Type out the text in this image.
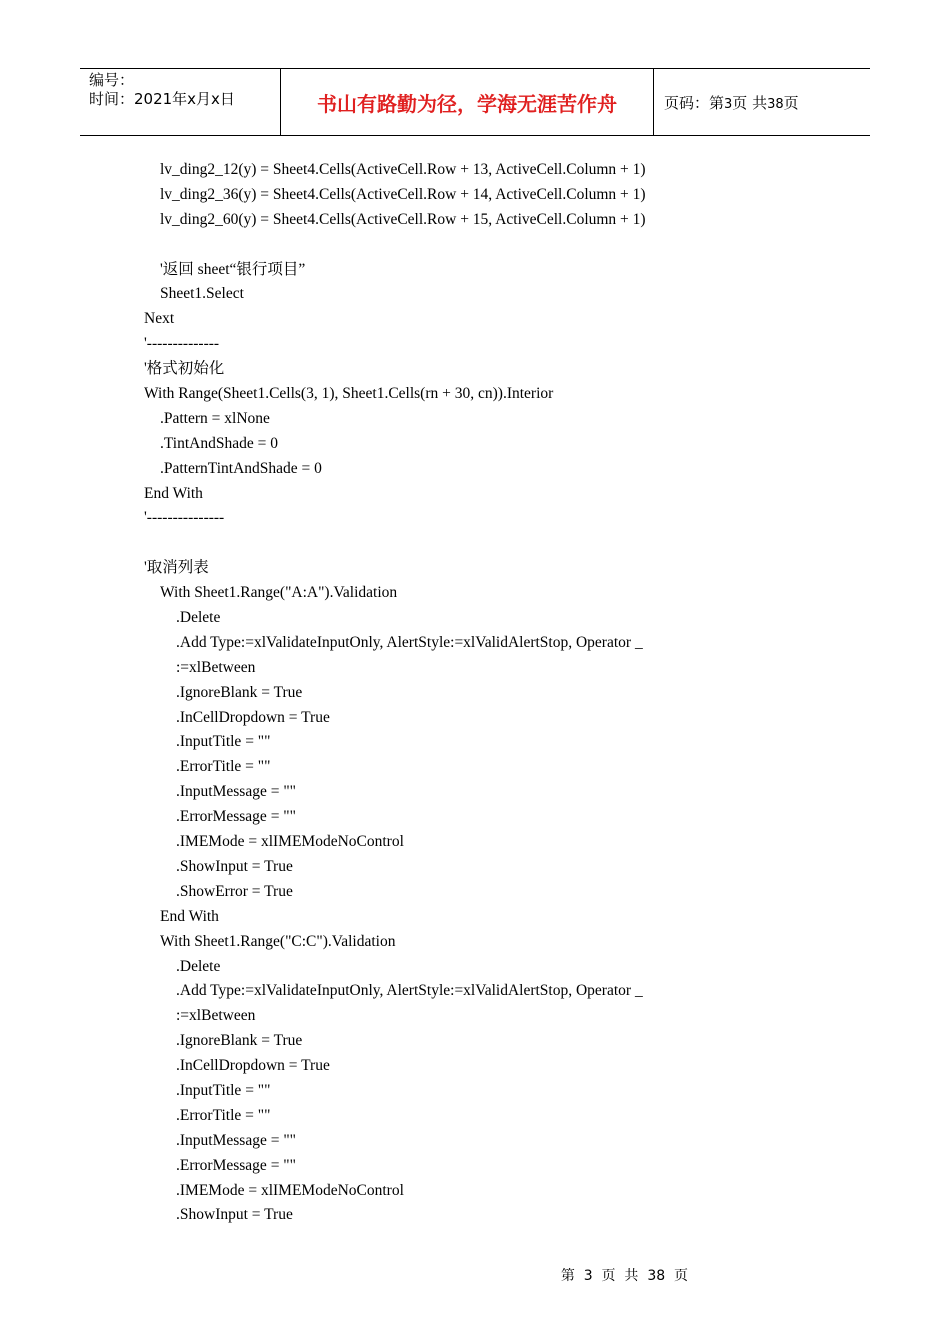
编号：
时间：2021年x月x日	书山有路勤为径，学海无涯苦作舟	页码：第3页 共38页
lv_ding2_12(y) = Sheet4.Cells(ActiveCell.Row + 13, ActiveCell.Column + 1)
lv_ding2_36(y) = Sheet4.Cells(ActiveCell.Row + 14, ActiveCell.Column + 1)
lv_ding2_60(y) = Sheet4.Cells(ActiveCell.Row + 15, ActiveCell.Column + 1)
'返回 sheet“银行项目”
Sheet1.Select
Next
'--------------
'格式初始化
With Range(Sheet1.Cells(3, 1), Sheet1.Cells(rn + 30, cn)).Interior
.Pattern = xlNone
.TintAndShade = 0
.PatternTintAndShade = 0
End With
'---------------
'取消列表
With Sheet1.Range("A:A").Validation
.Delete
.Add Type:=xlValidateInputOnly, AlertStyle:=xlValidAlertStop, Operator _
:=xlBetween
.IgnoreBlank = True
.InCellDropdown = True
.InputTitle = ""
.ErrorTitle = ""
.InputMessage = ""
.ErrorMessage = ""
.IMEMode = xlIMEModeNoControl
.ShowInput = True
.ShowError = True
End With
With Sheet1.Range("C:C").Validation
.Delete
.Add Type:=xlValidateInputOnly, AlertStyle:=xlValidAlertStop, Operator _
:=xlBetween
.IgnoreBlank = True
.InCellDropdown = True
.InputTitle = ""
.ErrorTitle = ""
.InputMessage = ""
.ErrorMessage = ""
.IMEMode = xlIMEModeNoControl
.ShowInput = True

第  3  页  共  38  页
